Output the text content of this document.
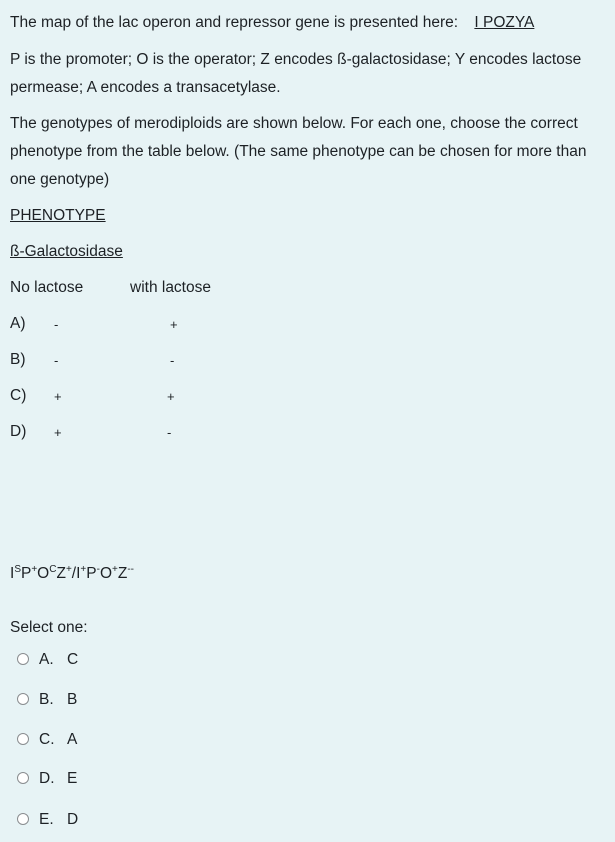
The map of the lac operon and repressor gene is presented here: I POZYA
P is the promoter; O is the operator; Z encodes ß-galactosidase; Y encodes lactose
permease; A encodes a transacetylase.
The genotypes of merodiploids are shown below. For each one, choose the correct
phenotype from the table below. (The same phenotype can be chosen for more than
one genotype)
PHENOTYPE
ß-Galactosidase
No lactose	with lactose
A) -	+
B) -	-
C) +	+
D) +	-
$I^SP^+O^CZ^+/I^+P^-O^+Z^{--}$
Select one:
A. C
B. B
C. A
D. E
E. D
